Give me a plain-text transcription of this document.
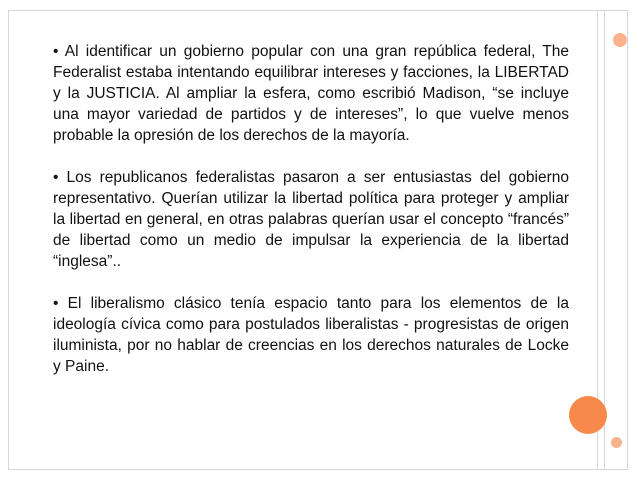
• Al identificar un gobierno popular con una gran república federal, The Federalist estaba intentando equilibrar intereses y facciones, la LIBERTAD y la JUSTICIA. Al ampliar la esfera, como escribió Madison, “se incluye una mayor variedad de partidos y de intereses”, lo que vuelve menos probable la opresión de los derechos de la mayoría.

• Los republicanos federalistas pasaron a ser entusiastas del gobierno representativo. Querían utilizar la libertad política para proteger y ampliar la libertad en general, en otras palabras querían usar el concepto “francés” de libertad como un medio de impulsar la experiencia de la libertad “inglesa”..

• El liberalismo clásico tenía espacio tanto para los elementos de la ideología cívica como para postulados liberalistas - progresistas de origen iluminista, por no hablar de creencias en los derechos naturales de Locke y Paine.
